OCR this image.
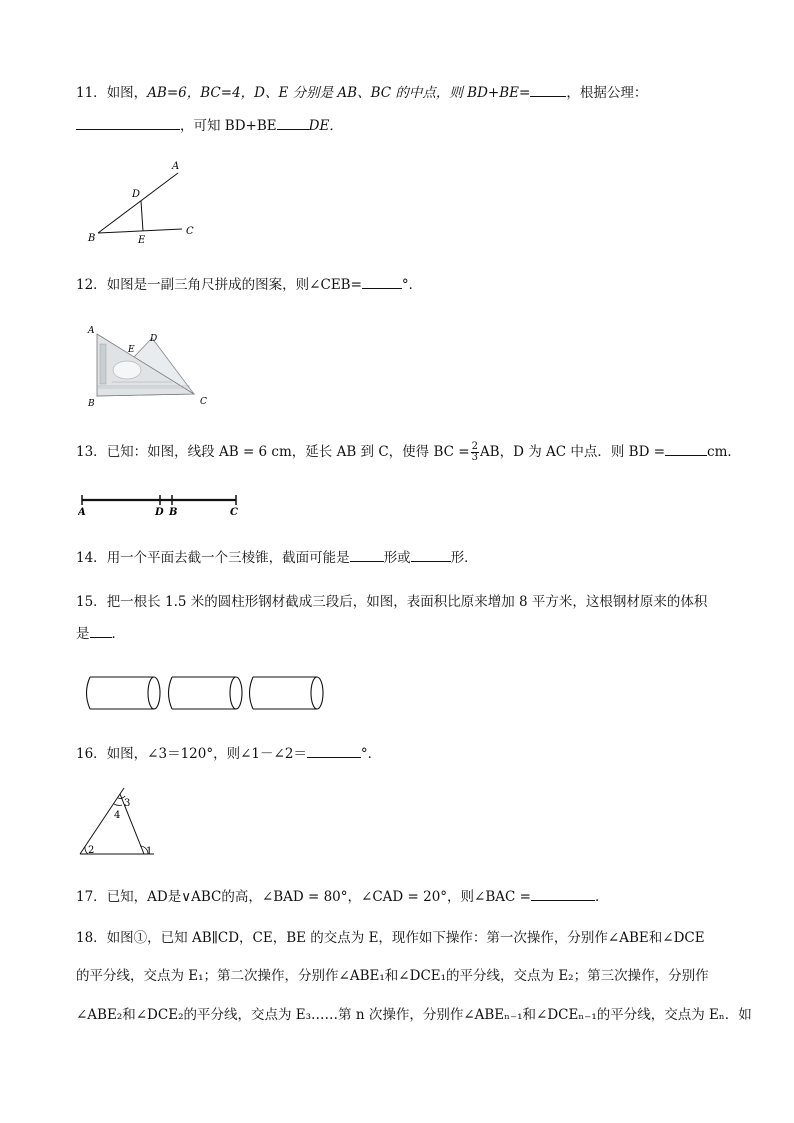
11．如图，AB=6，BC=4，D、E 分别是 AB、BC 的中点，则 BD+BE=	，根据公理：
，可知 BD+BE DE．
A
B
C
D
E
12．如图是一副三角尺拼成的图案，则∠CEB=	°．
A
B	C
D
E
13．已知：如图，线段 AB = 6 cm，延长 AB 到 C，使得 BC = $\frac{2}{3}$ AB，D 为 AC 中点．则 BD =	cm．
A	D B	C
14．用一个平面去截一个三棱锥，截面可能是	形或	形．
15．把一根长 1.5 米的圆柱形钢材截成三段后，如图，表面积比原来增加 8 平方米，这根钢材原来的体积
是 ．
16．如图，∠3＝120°，则∠1－∠2＝	°．
1
2
3
4
17．已知，AD是∨ABC的高，∠BAD = 80°，∠CAD = 20°，则∠BAC =	．
18．如图①，已知 AB∥CD，CE，BE 的交点为 E，现作如下操作：第一次操作，分别作∠ABE和∠DCE
的平分线，交点为 E₁；第二次操作，分别作∠ABE₁和∠DCE₁的平分线，交点为 E₂；第三次操作，分别作
∠ABE₂和∠DCE₂的平分线，交点为 E₃……第 n 次操作，分别作∠ABEₙ₋₁和∠DCEₙ₋₁的平分线，交点为 Eₙ．如
